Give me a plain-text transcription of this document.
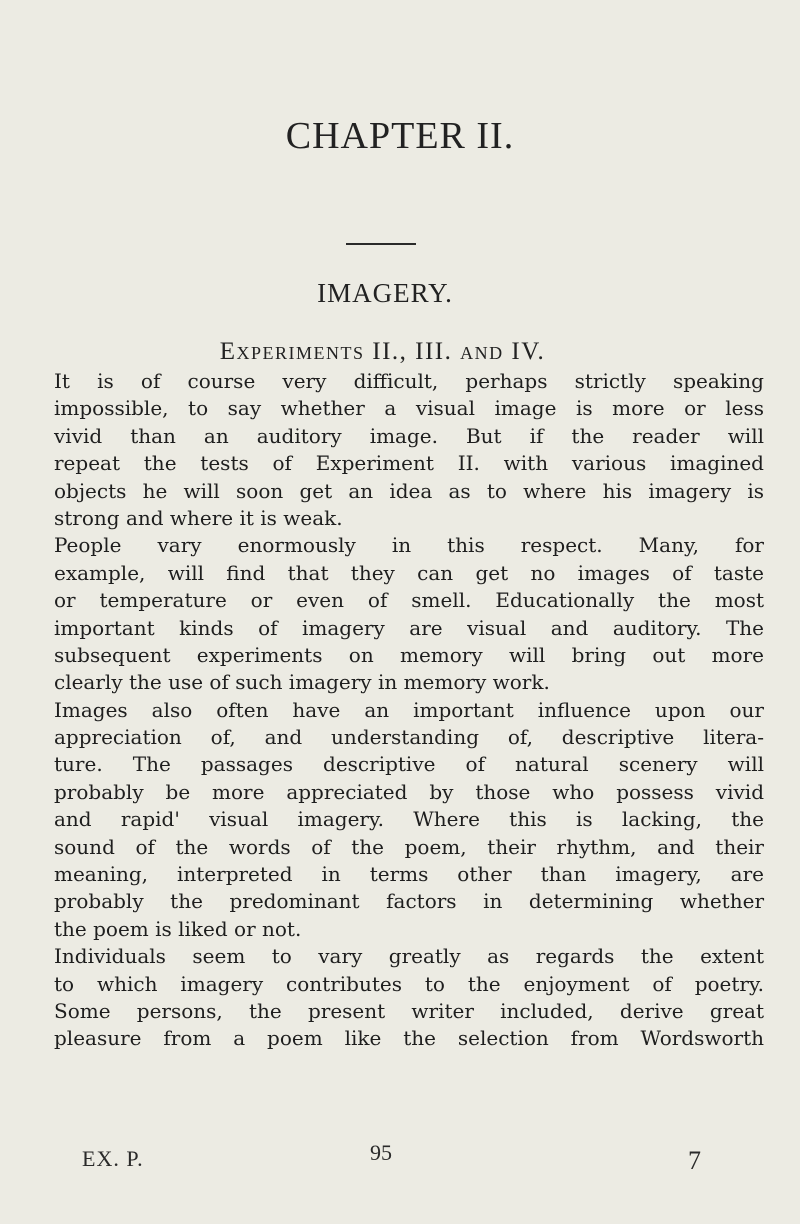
CHAPTER II.
IMAGERY.
Experiments II., III. and IV.
It is of course very difficult, perhaps strictly speaking
impossible, to say whether a visual image is more or less
vivid than an auditory image. But if the reader will
repeat the tests of Experiment II. with various imagined
objects he will soon get an idea as to where his imagery is
strong and where it is weak.
People vary enormously in this respect. Many, for
example, will find that they can get no images of taste
or temperature or even of smell. Educationally the most
important kinds of imagery are visual and auditory. The
subsequent experiments on memory will bring out more
clearly the use of such imagery in memory work.
Images also often have an important influence upon our
appreciation of, and understanding of, descriptive litera-
ture. The passages descriptive of natural scenery will
probably be more appreciated by those who possess vivid
and rapid' visual imagery. Where this is lacking, the
sound of the words of the poem, their rhythm, and their
meaning, interpreted in terms other than imagery, are
probably the predominant factors in determining whether
the poem is liked or not.
Individuals seem to vary greatly as regards the extent
to which imagery contributes to the enjoyment of poetry.
Some persons, the present writer included, derive great
pleasure from a poem like the selection from Wordsworth
EX. P.	95	7
